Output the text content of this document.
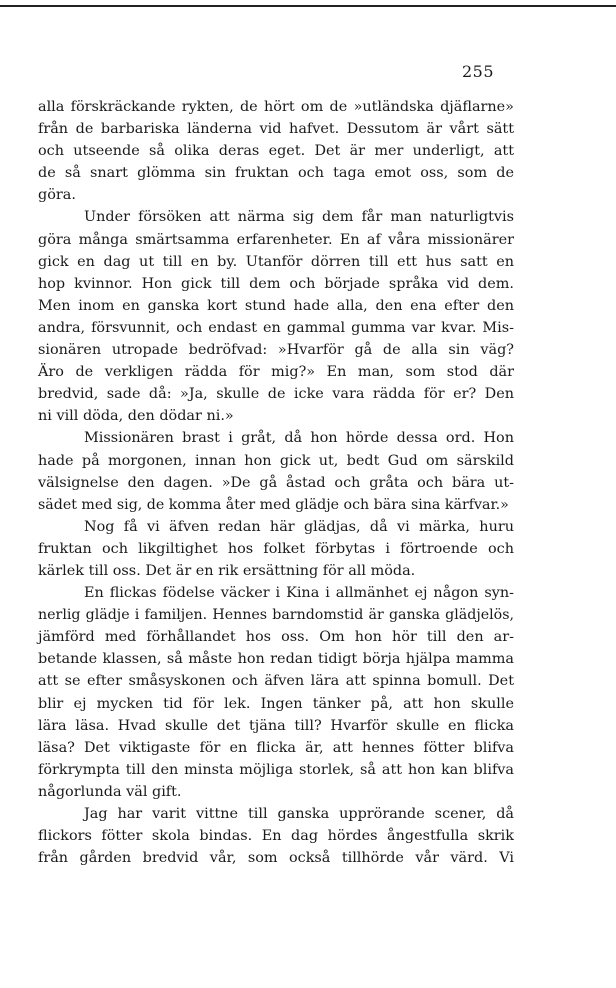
255
alla förskräckande rykten, de hört om de »utländska djäflarne»
från de barbariska länderna vid hafvet. Dessutom är vårt sätt
och utseende så olika deras eget. Det är mer underligt, att
de så snart glömma sin fruktan och taga emot oss, som de
göra.
Under försöken att närma sig dem får man naturligtvis
göra många smärtsamma erfarenheter. En af våra missionärer
gick en dag ut till en by. Utanför dörren till ett hus satt en
hop kvinnor. Hon gick till dem och började språka vid dem.
Men inom en ganska kort stund hade alla, den ena efter den
andra, försvunnit, och endast en gammal gumma var kvar. Mis-
sionären utropade bedröfvad: »Hvarför gå de alla sin väg?
Äro de verkligen rädda för mig?» En man, som stod där
bredvid, sade då: »Ja, skulle de icke vara rädda för er? Den
ni vill döda, den dödar ni.»
Missionären brast i gråt, då hon hörde dessa ord. Hon
hade på morgonen, innan hon gick ut, bedt Gud om särskild
välsignelse den dagen. »De gå åstad och gråta och bära ut-
sädet med sig, de komma åter med glädje och bära sina kärfvar.»
Nog få vi äfven redan här glädjas, då vi märka, huru
fruktan och likgiltighet hos folket förbytas i förtroende och
kärlek till oss. Det är en rik ersättning för all möda.
En flickas födelse väcker i Kina i allmänhet ej någon syn-
nerlig glädje i familjen. Hennes barndomstid är ganska glädjelös,
jämförd med förhållandet hos oss. Om hon hör till den ar-
betande klassen, så måste hon redan tidigt börja hjälpa mamma
att se efter småsyskonen och äfven lära att spinna bomull. Det
blir ej mycken tid för lek. Ingen tänker på, att hon skulle
lära läsa. Hvad skulle det tjäna till? Hvarför skulle en flicka
läsa? Det viktigaste för en flicka är, att hennes fötter blifva
förkrympta till den minsta möjliga storlek, så att hon kan blifva
någorlunda väl gift.
Jag har varit vittne till ganska upprörande scener, då
flickors fötter skola bindas. En dag hördes ångestfulla skrik
från gården bredvid vår, som också tillhörde vår värd. Vi
